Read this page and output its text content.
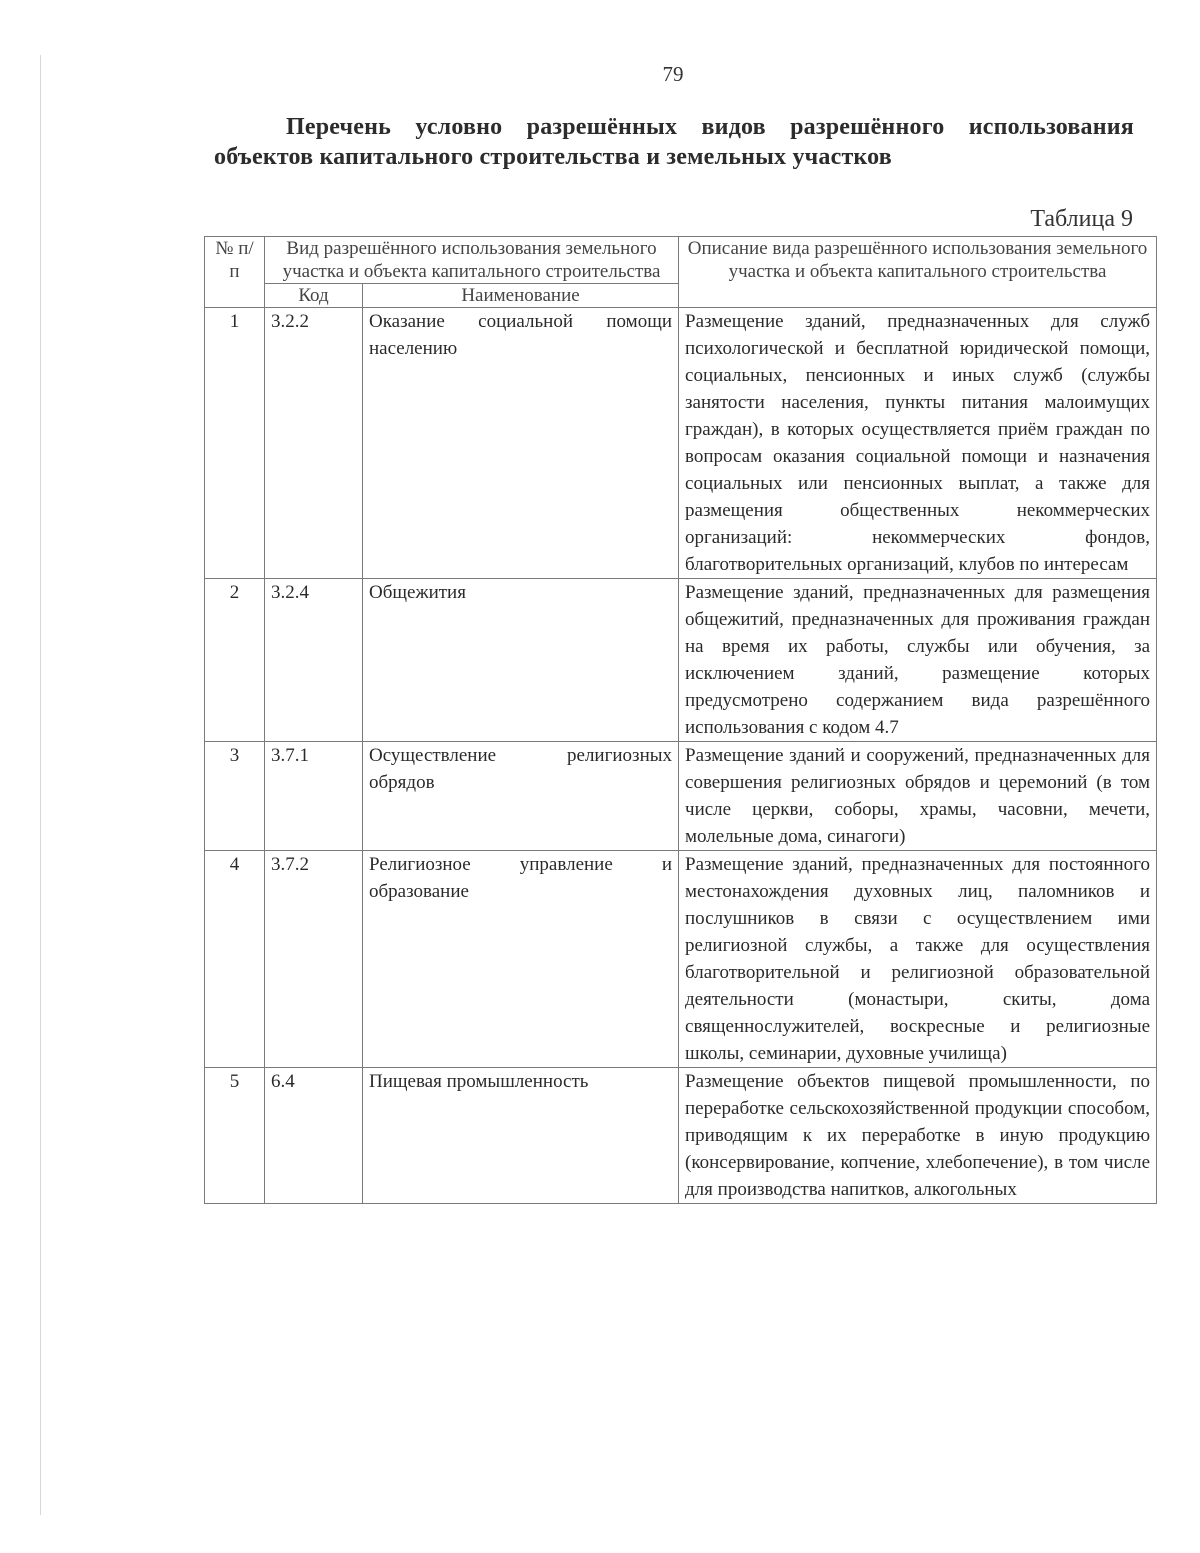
79
Перечень условно разрешённых видов разрешённого использования объектов капитального строительства и земельных участков
Таблица 9
№ п/п	Вид разрешённого использования земельного участка и объекта капитального строительства		Описание вида разрешённого использования земельного участка и объекта капитального строительства
	Код	Наименование	
1	3.2.2	Оказание социальной помощи населению	Размещение зданий, предназначенных для служб психологической и бесплатной юридической помощи, социальных, пенсионных и иных служб (службы занятости населения, пункты питания малоимущих граждан), в которых осуществляется приём граждан по вопросам оказания социальной помощи и назначения социальных или пенсионных выплат, а также для размещения общественных некоммерческих организаций: некоммерческих фондов, благотворительных организаций, клубов по интересам
2	3.2.4	Общежития	Размещение зданий, предназначенных для размещения общежитий, предназначенных для проживания граждан на время их работы, службы или обучения, за исключением зданий, размещение которых предусмотрено содержанием вида разрешённого использования с кодом 4.7
3	3.7.1	Осуществление религиозных обрядов	Размещение зданий и сооружений, предназначенных для совершения религиозных обрядов и церемоний (в том числе церкви, соборы, храмы, часовни, мечети, молельные дома, синагоги)
4	3.7.2	Религиозное управление и образование	Размещение зданий, предназначенных для постоянного местонахождения духовных лиц, паломников и послушников в связи с осуществлением ими религиозной службы, а также для осуществления благотворительной и религиозной образовательной деятельности (монастыри, скиты, дома священнослужителей, воскресные и религиозные школы, семинарии, духовные училища)
5	6.4	Пищевая промышленность	Размещение объектов пищевой промышленности, по переработке сельскохозяйственной продукции способом, приводящим к их переработке в иную продукцию (консервирование, копчение, хлебопечение), в том числе для производства напитков, алкогольных
